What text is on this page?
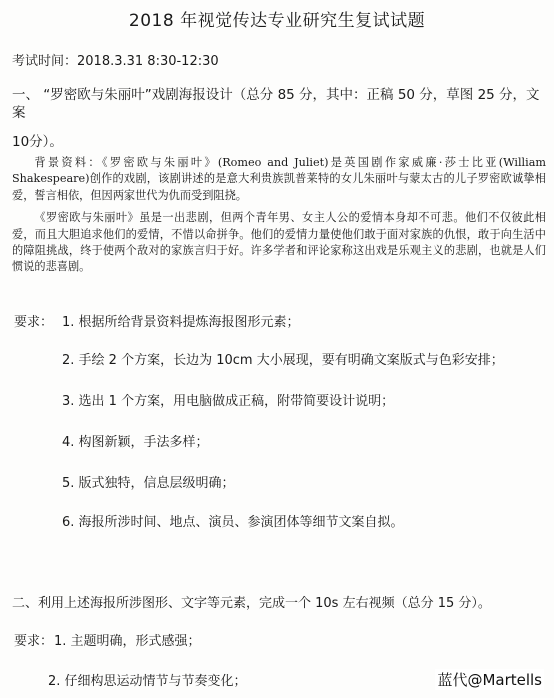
2018 年视觉传达专业研究生复试试题
考试时间：2018.3.31 8:30-12:30
一、 “罗密欧与朱丽叶”戏剧海报设计（总分 85 分，其中：正稿 50 分，草图 25 分，文案
10分）。

背景资料：《罗密欧与朱丽叶》(Romeo and Juliet)是英国剧作家威廉·莎士比亚(William Shakespeare)创作的戏剧，该剧讲述的是意大利贵族凯普莱特的女儿朱丽叶与蒙太古的儿子罗密欧诚挚相爱，誓言相依，但因两家世代为仇而受到阻挠。

《罗密欧与朱丽叶》虽是一出悲剧，但两个青年男、女主人公的爱情本身却不可悲。他们不仅彼此相爱，而且大胆追求他们的爱情，不惜以命拼争。他们的爱情力量使他们敢于面对家族的仇恨，敢于向生活中的障阻挑战，终于使两个敌对的家族言归于好。许多学者和评论家称这出戏是乐观主义的悲剧，也就是人们惯说的悲喜剧。

要求： 1. 根据所给背景资料提炼海报图形元素；
2. 手绘 2 个方案，长边为 10cm 大小展现，要有明确文案版式与色彩安排；
3. 选出 1 个方案，用电脑做成正稿，附带简要设计说明；
4. 构图新颖，手法多样；
5. 版式独特，信息层级明确；
6. 海报所涉时间、地点、演员、参演团体等细节文案自拟。
二、利用上述海报所涉图形、文字等元素，完成一个 10s 左右视频（总分 15 分）。
要求： 1. 主题明确，形式感强；
2. 仔细构思运动情节与节奏变化；	蓝代@Martells
